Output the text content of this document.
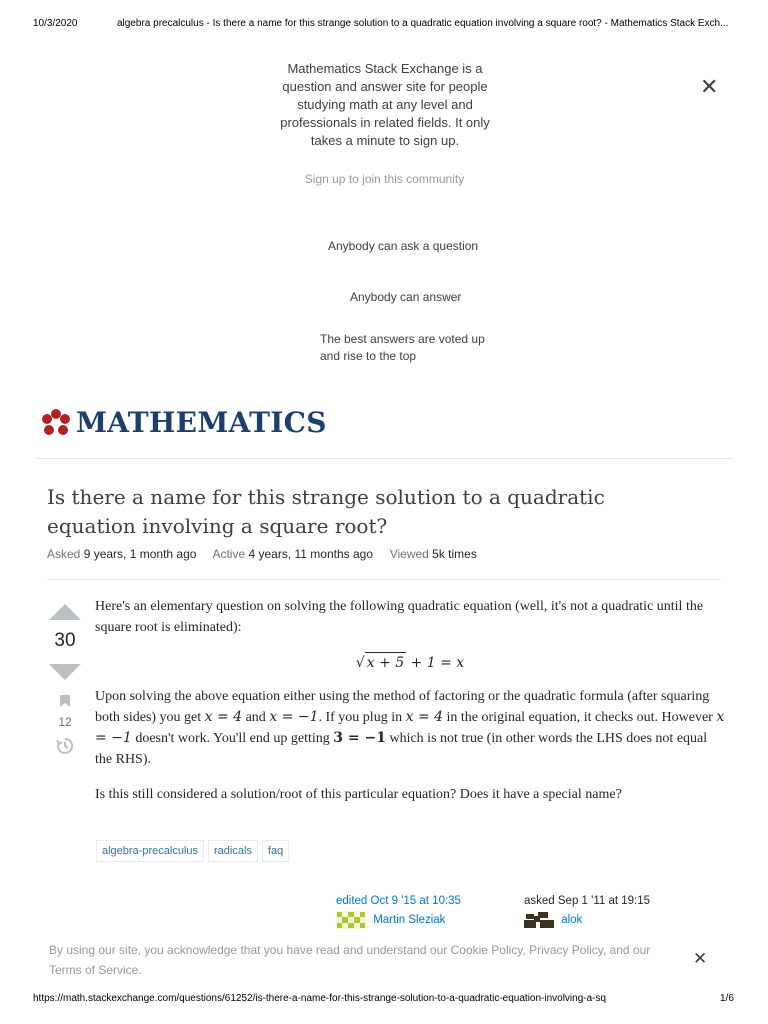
10/3/2020	algebra precalculus - Is there a name for this strange solution to a quadratic equation involving a square root? - Mathematics Stack Exch...
Mathematics Stack Exchange is a question and answer site for people studying math at any level and professionals in related fields. It only takes a minute to sign up.
✕
Sign up to join this community
Anybody can ask a question
Anybody can answer
The best answers are voted up and rise to the top
MATHEMATICS
Is there a name for this strange solution to a quadratic equation involving a square root?
Asked 9 years, 1 month ago Active 4 years, 11 months ago Viewed 5k times
30
12

Here's an elementary question on solving the following quadratic equation (well, it's not a quadratic until the square root is eliminated):

√ x + 5 + 1 = x

Upon solving the above equation either using the method of factoring or the quadratic formula (after squaring both sides) you get x = 4 and x = −1. If you plug in x = 4 in the original equation, it checks out. However x = −1 doesn't work. You'll end up getting 3 = −1 which is not true (in other words the LHS does not equal the RHS).

Is this still considered a solution/root of this particular equation? Does it have a special name?

algebra-precalculus	radicals	faq
edited Oct 9 '15 at 10:35
Martin Sleziak
asked Sep 1 '11 at 19:15
alok
By using our site, you acknowledge that you have read and understand our Cookie Policy, Privacy Policy, and our Terms of Service.
✕
https://math.stackexchange.com/questions/61252/is-there-a-name-for-this-strange-solution-to-a-quadratic-equation-involving-a-sq	1/6
